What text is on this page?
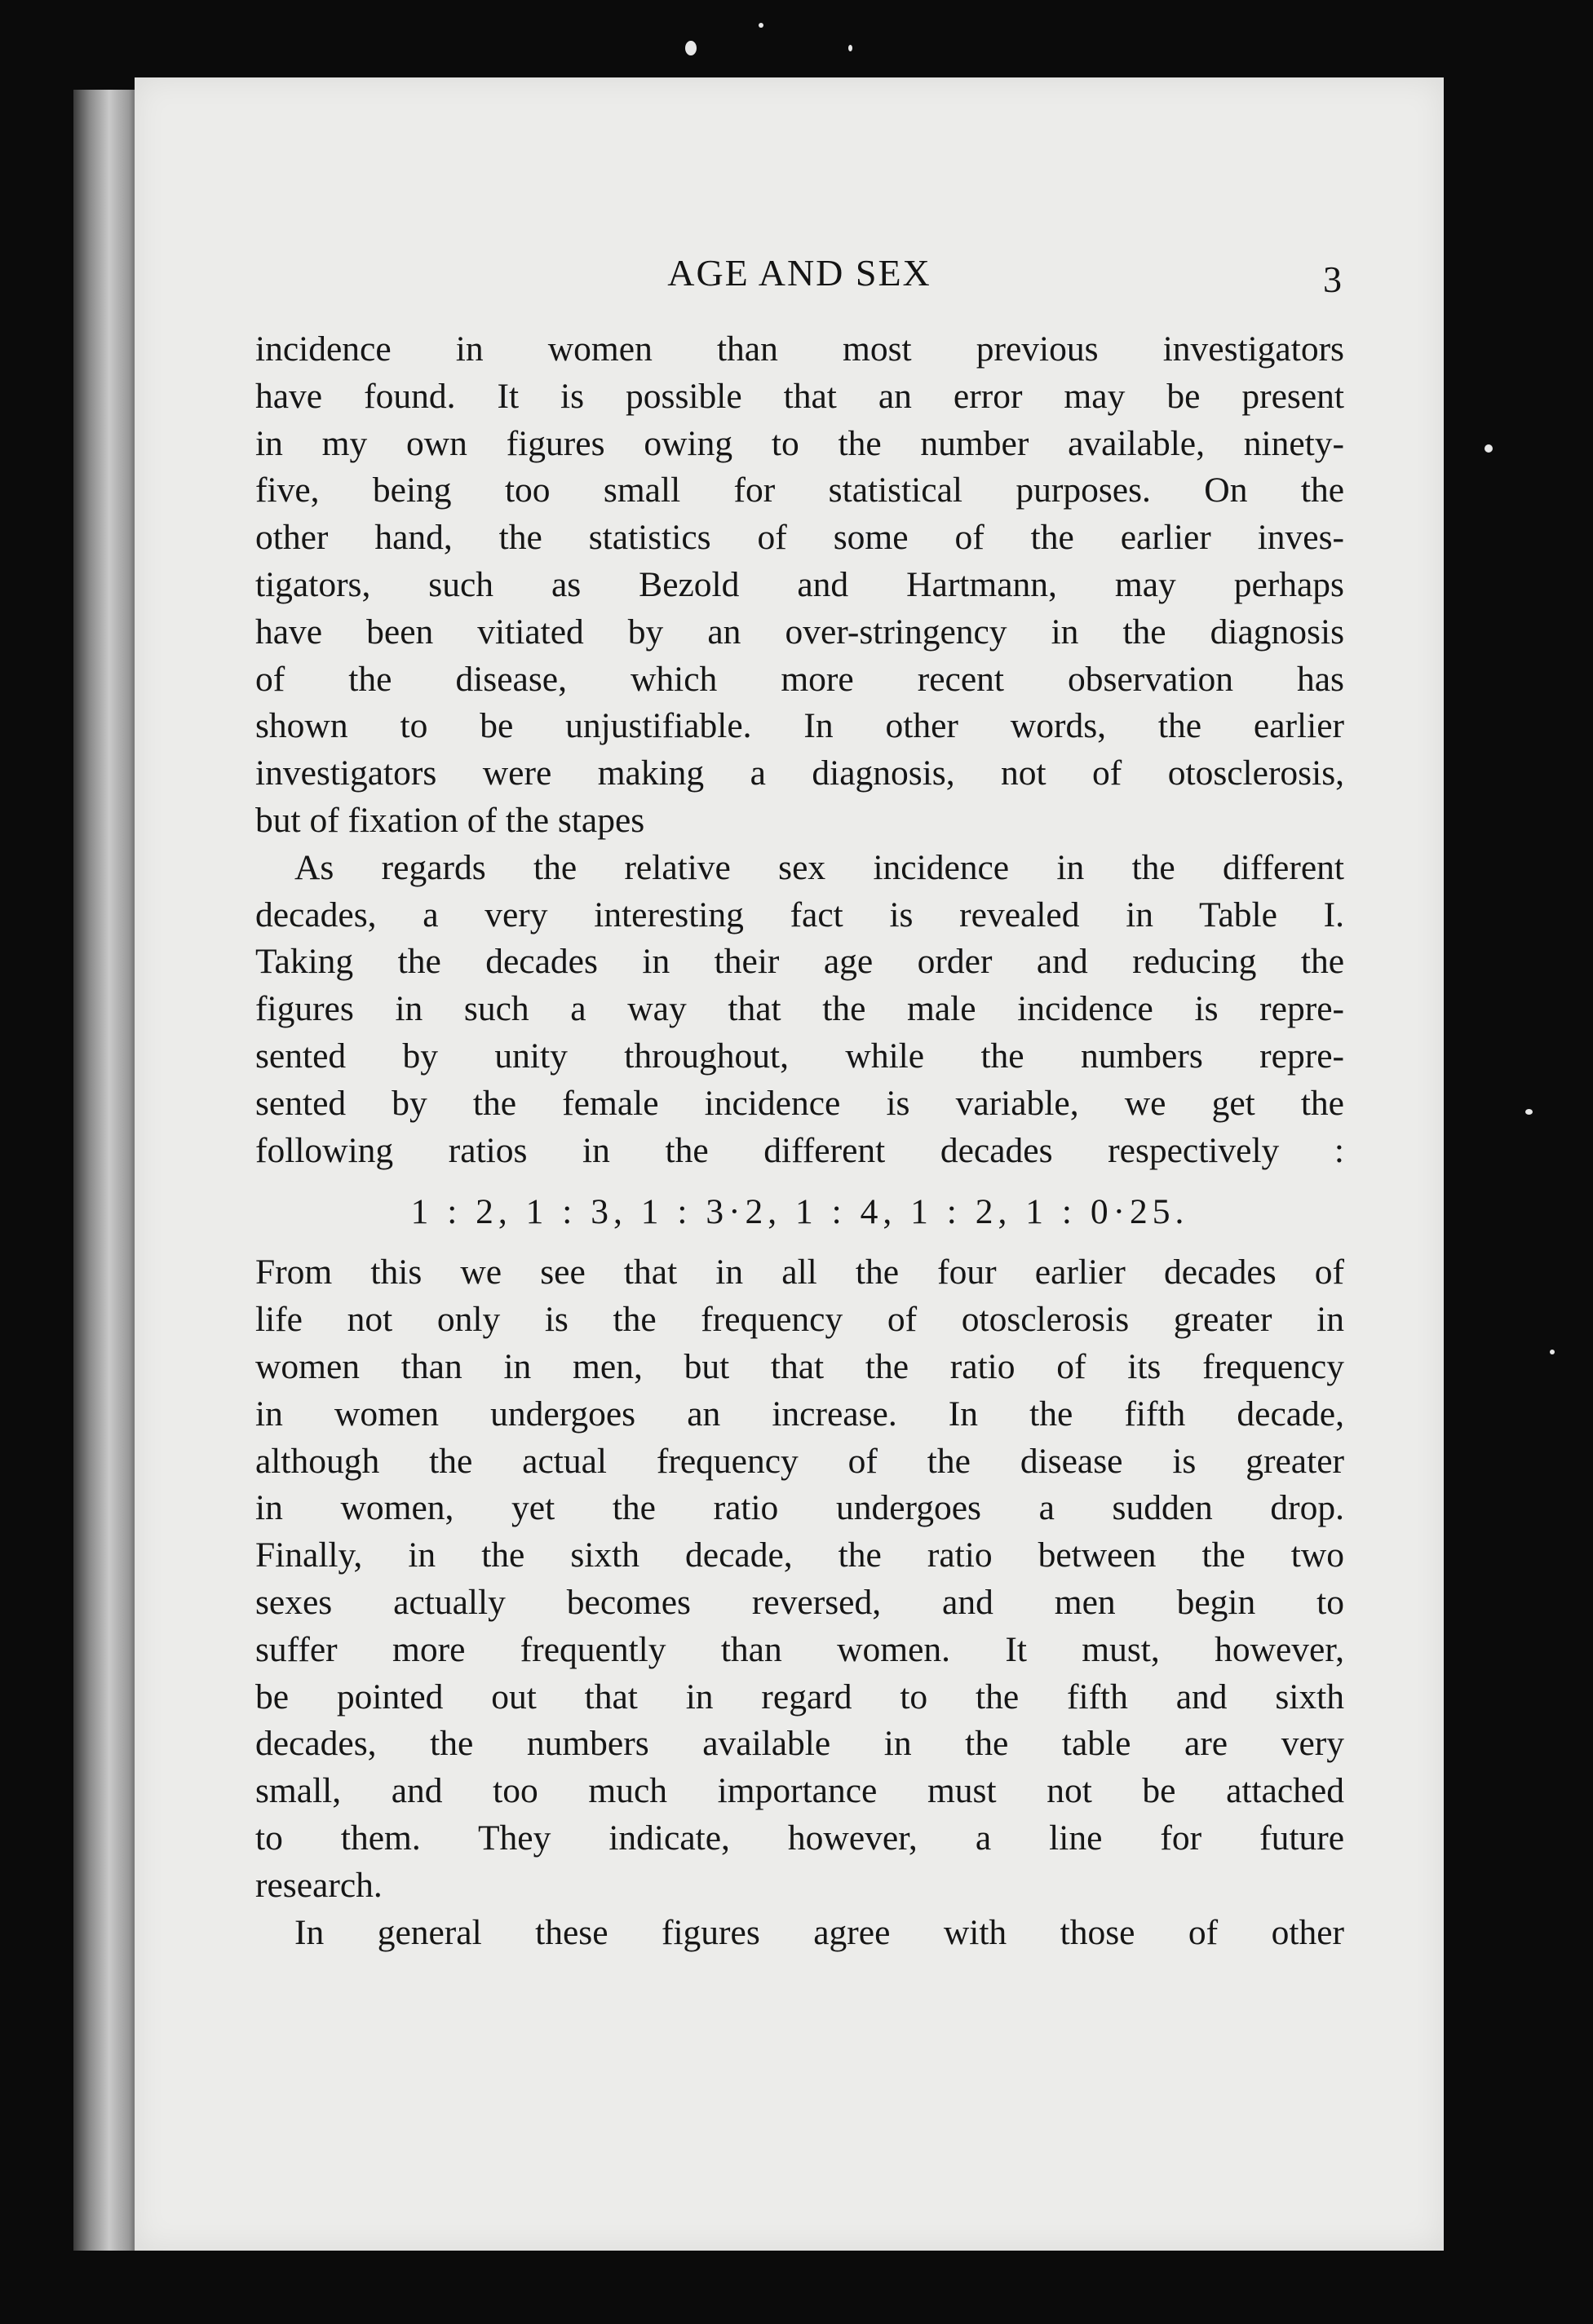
AGE AND SEX	3
incidence in women than most previous investigators
have found. It is possible that an error may be present
in my own figures owing to the number available, ninety-
five, being too small for statistical purposes. On the
other hand, the statistics of some of the earlier inves-
tigators, such as Bezold and Hartmann, may perhaps
have been vitiated by an over-stringency in the diagnosis
of the disease, which more recent observation has
shown to be unjustifiable. In other words, the earlier
investigators were making a diagnosis, not of otosclerosis,
but of fixation of the stapes
As regards the relative sex incidence in the different
decades, a very interesting fact is revealed in Table I.
Taking the decades in their age order and reducing the
figures in such a way that the male incidence is repre-
sented by unity throughout, while the numbers repre-
sented by the female incidence is variable, we get the
following ratios in the different decades respectively :
1 : 2, 1 : 3, 1 : 3·2, 1 : 4, 1 : 2, 1 : 0·25.
From this we see that in all the four earlier decades of
life not only is the frequency of otosclerosis greater in
women than in men, but that the ratio of its frequency
in women undergoes an increase. In the fifth decade,
although the actual frequency of the disease is greater
in women, yet the ratio undergoes a sudden drop.
Finally, in the sixth decade, the ratio between the two
sexes actually becomes reversed, and men begin to
suffer more frequently than women. It must, however,
be pointed out that in regard to the fifth and sixth
decades, the numbers available in the table are very
small, and too much importance must not be attached
to them. They indicate, however, a line for future
research.
In general these figures agree with those of other
